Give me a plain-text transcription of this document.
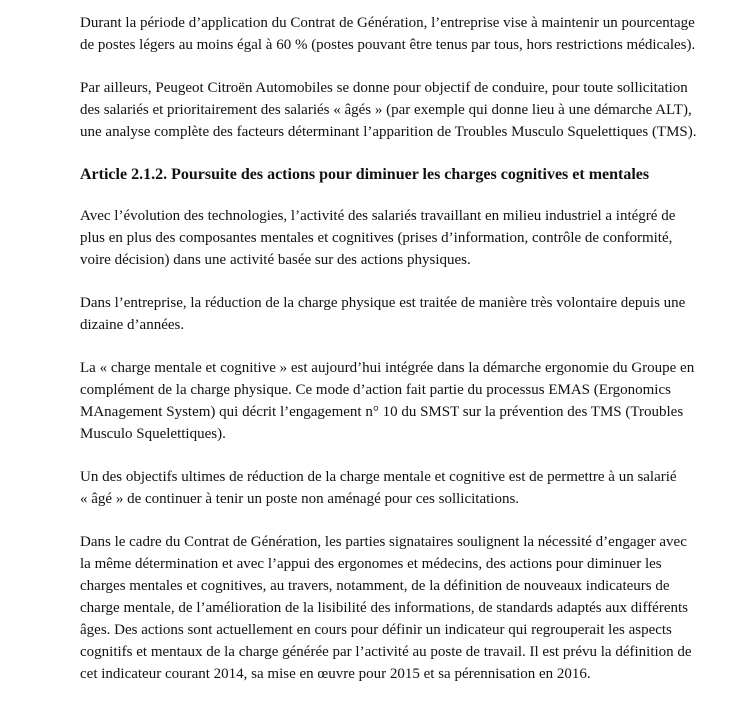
Durant la période d’application du Contrat de Génération, l’entreprise vise à maintenir un pourcentage
de postes légers au moins égal à 60 % (postes pouvant être tenus par tous, hors restrictions médicales).

Par ailleurs, Peugeot Citroën Automobiles se donne pour objectif de conduire, pour toute sollicitation
des salariés et prioritairement des salariés « âgés » (par exemple qui donne lieu à une démarche ALT),
une analyse complète des facteurs déterminant l’apparition de Troubles Musculo Squelettiques (TMS).

Article 2.1.2. Poursuite des actions pour diminuer les charges cognitives et mentales

Avec l’évolution des technologies, l’activité des salariés travaillant en milieu industriel a intégré de
plus en plus des composantes mentales et cognitives (prises d’information, contrôle de conformité,
voire décision) dans une activité basée sur des actions physiques.

Dans l’entreprise, la réduction de la charge physique est traitée de manière très volontaire depuis une
dizaine d’années.

La « charge mentale et cognitive » est aujourd’hui intégrée dans la démarche ergonomie du Groupe en
complément de la charge physique. Ce mode d’action fait partie du processus EMAS (Ergonomics
MAnagement System) qui décrit l’engagement n° 10 du SMST sur la prévention des TMS (Troubles
Musculo Squelettiques).

Un des objectifs ultimes de réduction de la charge mentale et cognitive est de permettre à un salarié
« âgé » de continuer à tenir un poste non aménagé pour ces sollicitations.

Dans le cadre du Contrat de Génération, les parties signataires soulignent la nécessité d’engager avec
la même détermination et avec l’appui des ergonomes et médecins, des actions pour diminuer les
charges mentales et cognitives, au travers, notamment, de la définition de nouveaux indicateurs de
charge mentale, de l’amélioration de la lisibilité des informations, de standards adaptés aux différents
âges. Des actions sont actuellement en cours pour définir un indicateur qui regrouperait les aspects
cognitifs et mentaux de la charge générée par l’activité au poste de travail. Il est prévu la définition de
cet indicateur courant 2014, sa mise en œuvre pour 2015 et sa pérennisation en 2016.
